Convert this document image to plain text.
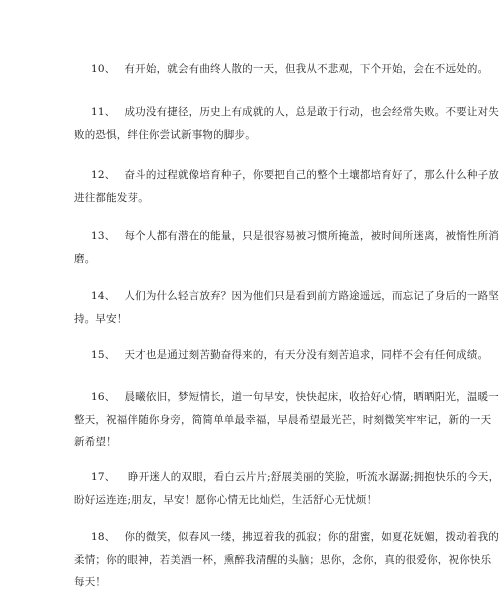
10、 有开始，就会有曲终人散的一天，但我从不悲观，下个开始，会在不远处的。
11、 成功没有捷径，历史上有成就的人，总是敢于行动，也会经常失败。不要让对失
败的恐惧，绊住你尝试新事物的脚步。
12、 奋斗的过程就像培育种子，你要把自己的整个土壤都培育好了，那么什么种子放
进往都能发芽。
13、 每个人都有潜在的能量，只是很容易被习惯所掩盖，被时间所迷离，被惰性所消
磨。
14、 人们为什么轻言放弃？因为他们只是看到前方路途遥远，而忘记了身后的一路坚
持。早安！
15、 天才也是通过刻苦勤奋得来的，有天分没有刻苦追求，同样不会有任何成绩。
16、 晨曦依旧，梦短情长，道一句早安，快快起床，收拾好心情，晒晒阳光，温暖一
整天，祝福伴随你身旁，简简单单最幸福，早晨希望最光芒，时刻微笑牢牢记，新的一天
新希望！
17、 睁开迷人的双眼，看白云片片;舒展美丽的笑脸，听流水潺潺;拥抱快乐的今天，
盼好运连连;朋友，早安！愿你心情无比灿烂，生活舒心无忧烦！
18、 你的微笑，似春风一缕，拂逗着我的孤寂；你的甜蜜，如夏花妩媚，拨动着我的
柔情；你的眼神，若美酒一杯，熏醉我清醒的头脑；思你，念你，真的很爱你，祝你快乐
每天！
